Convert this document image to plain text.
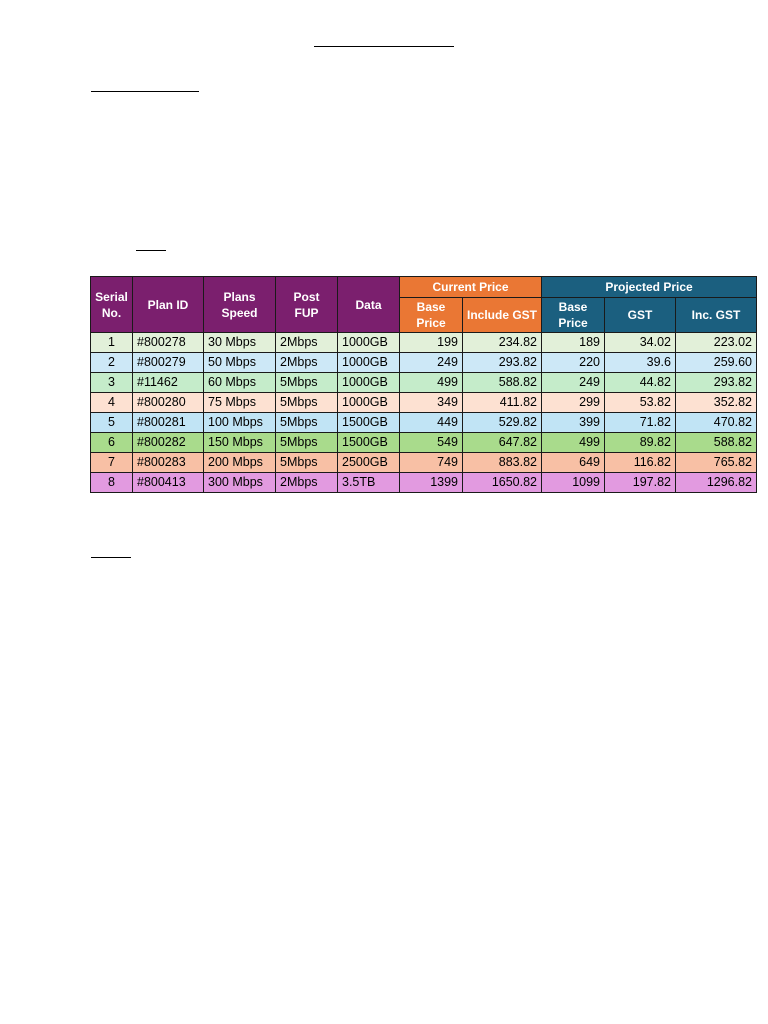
Serial No.	Plan ID	Plans Speed	Post FUP	Data	Current Price		Projected Price		
					Base Price	Include GST	Base Price	GST	Inc. GST
1	#800278	30 Mbps	2Mbps	1000GB	199	234.82	189	34.02	223.02
2	#800279	50 Mbps	2Mbps	1000GB	249	293.82	220	39.6	259.60
3	#11462	60 Mbps	5Mbps	1000GB	499	588.82	249	44.82	293.82
4	#800280	75 Mbps	5Mbps	1000GB	349	411.82	299	53.82	352.82
5	#800281	100 Mbps	5Mbps	1500GB	449	529.82	399	71.82	470.82
6	#800282	150 Mbps	5Mbps	1500GB	549	647.82	499	89.82	588.82
7	#800283	200 Mbps	5Mbps	2500GB	749	883.82	649	116.82	765.82
8	#800413	300 Mbps	2Mbps	3.5TB	1399	1650.82	1099	197.82	1296.82
